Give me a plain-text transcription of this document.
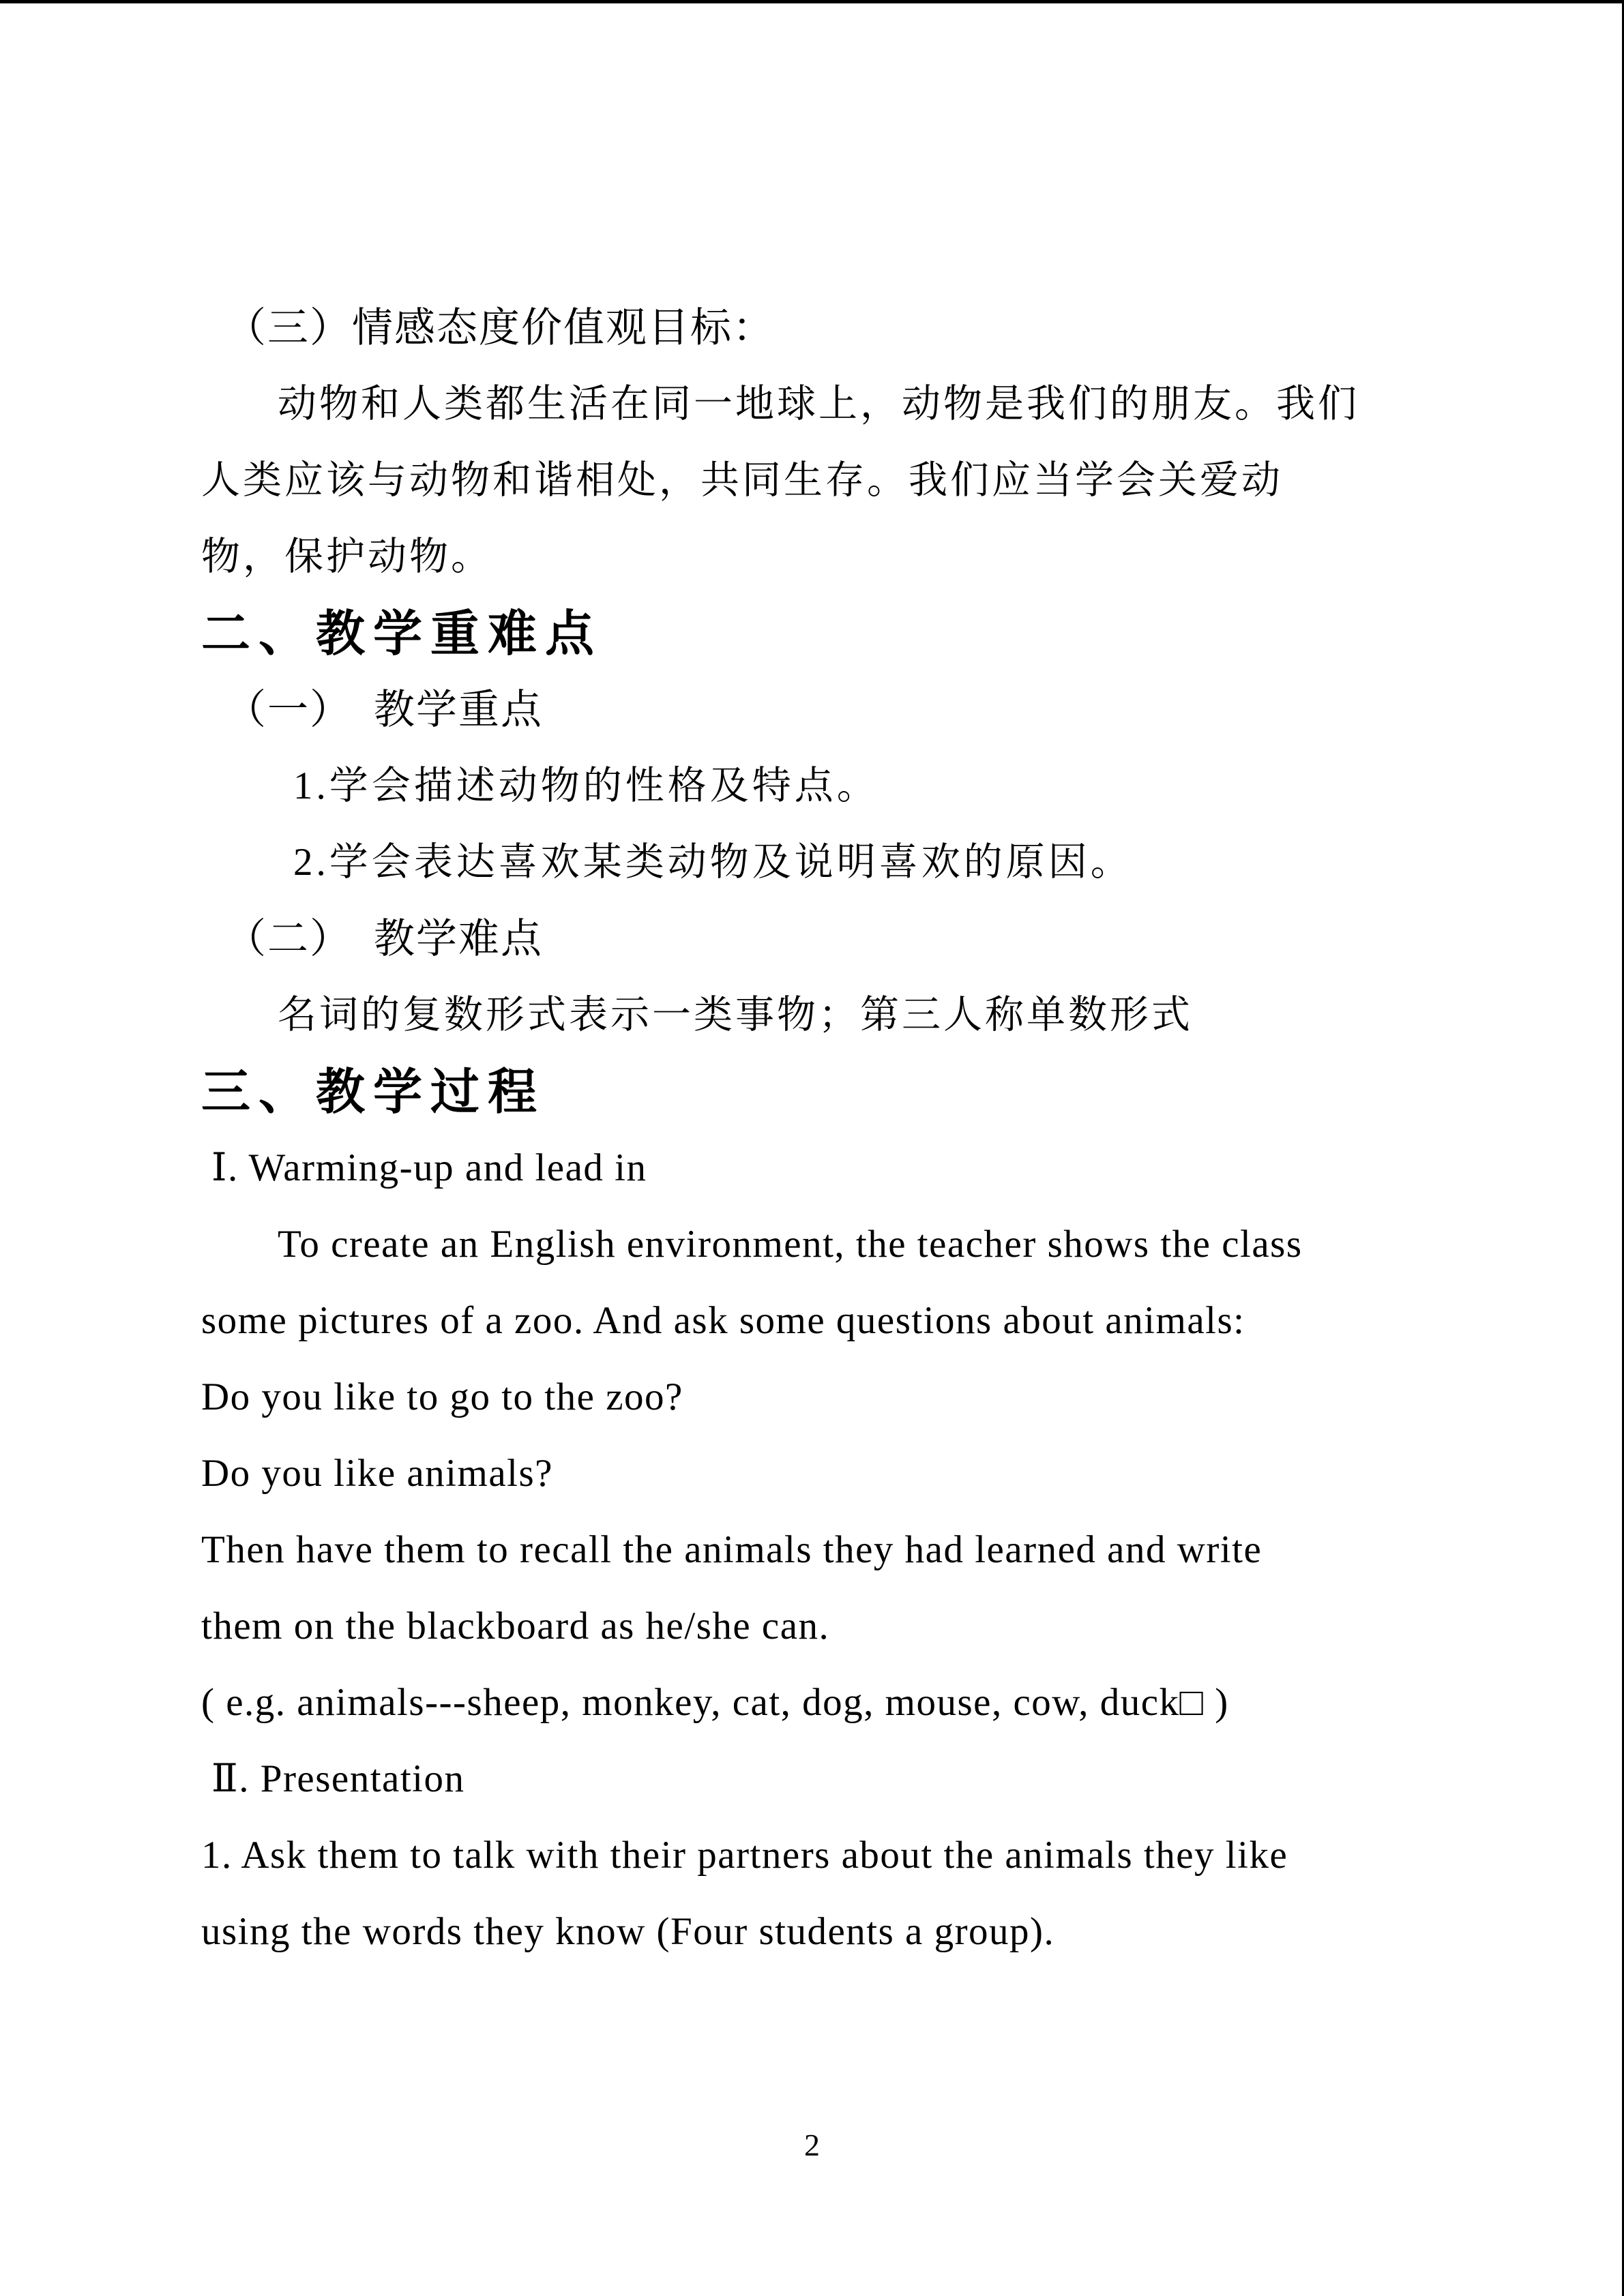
（三）情感态度价值观目标：
动物和人类都生活在同一地球上，动物是我们的朋友。我们
人类应该与动物和谐相处，共同生存。我们应当学会关爱动
物，保护动物。
二、教学重难点
（一）　教学重点
1.学会描述动物的性格及特点。
2.学会表达喜欢某类动物及说明喜欢的原因。
（二）　教学难点
名词的复数形式表示一类事物；第三人称单数形式
三、教学过程
Ⅰ. Warming-up and lead in
To create an English environment, the teacher shows the class
some pictures of a zoo. And ask some questions about animals:
Do you like to go to the zoo?
Do you like animals?
Then have them to recall the animals they had learned and write
them on the blackboard as he/she can.
( e.g. animals---sheep, monkey, cat, dog, mouse, cow, duck□ )
Ⅱ. Presentation
1. Ask them to talk with their partners about the animals they like
using the words they know (Four students a group).
2
